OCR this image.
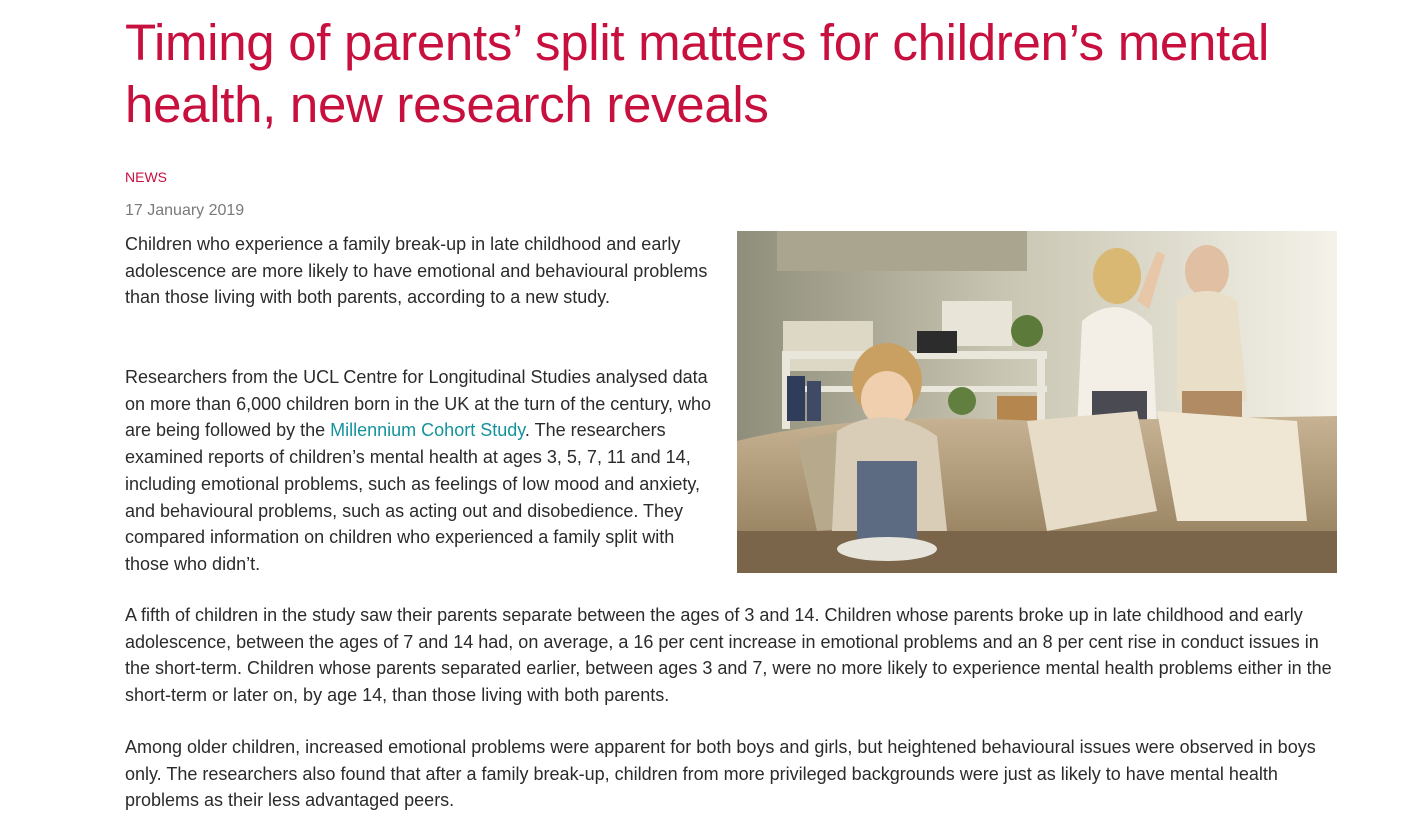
Timing of parents’ split matters for children’s mental health, new research reveals

NEWS

17 January 2019

Children who experience a family break-up in late childhood and early adolescence are more likely to have emotional and behavioural problems than those living with both parents, according to a new study.

Researchers from the UCL Centre for Longitudinal Studies analysed data on more than 6,000 children born in the UK at the turn of the century, who are being followed by the Millennium Cohort Study. The researchers examined reports of children’s mental health at ages 3, 5, 7, 11 and 14, including emotional problems, such as feelings of low mood and anxiety, and behavioural problems, such as acting out and disobedience. They compared information on children who experienced a family split with those who didn’t.

A fifth of children in the study saw their parents separate between the ages of 3 and 14. Children whose parents broke up in late childhood and early adolescence, between the ages of 7 and 14 had, on average, a 16 per cent increase in emotional problems and an 8 per cent rise in conduct issues in the short-term. Children whose parents separated earlier, between ages 3 and 7, were no more likely to experience mental health problems either in the short-term or later on, by age 14, than those living with both parents.

Among older children, increased emotional problems were apparent for both boys and girls, but heightened behavioural issues were observed in boys only. The researchers also found that after a family break-up, children from more privileged backgrounds were just as likely to have mental health problems as their less advantaged peers.
